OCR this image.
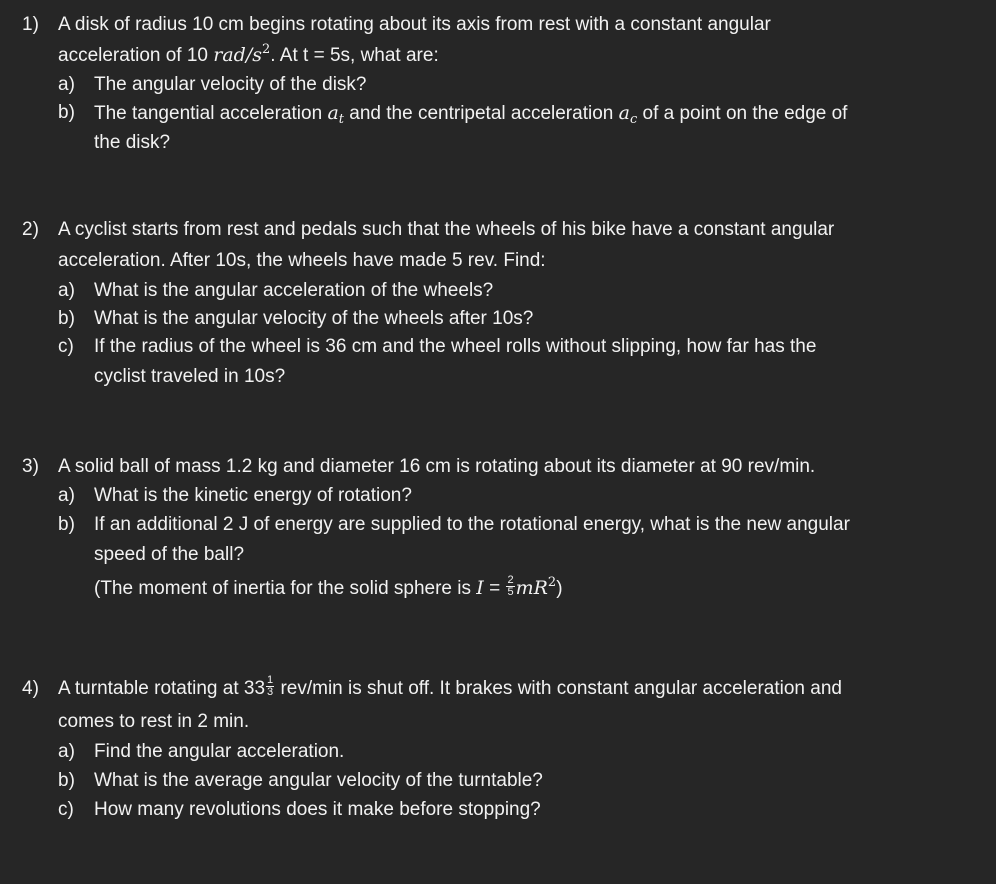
1) A disk of radius 10 cm begins rotating about its axis from rest with a constant angular
acceleration of 10 rad/$s^2$. At t = 5s, what are:
a) The angular velocity of the disk?
b) The tangential acceleration $a_t$ and the centripetal acceleration $a_c$ of a point on the edge of
the disk?
2) A cyclist starts from rest and pedals such that the wheels of his bike have a constant angular
acceleration. After 10s, the wheels have made 5 rev. Find:
a) What is the angular acceleration of the wheels?
b) What is the angular velocity of the wheels after 10s?
c) If the radius of the wheel is 36 cm and the wheel rolls without slipping, how far has the
cyclist traveled in 10s?
3) A solid ball of mass 1.2 kg and diameter 16 cm is rotating about its diameter at 90 rev/min.
a) What is the kinetic energy of rotation?
b) If an additional 2 J of energy are supplied to the rotational energy, what is the new angular
speed of the ball?
(The moment of inertia for the solid sphere is $I = \frac{2}{5} mR^2$)
4) A turntable rotating at $33 \frac{1}{3} rev/\min$ is shut off. It brakes with constant angular acceleration and
comes to rest in 2 min.
a) Find the angular acceleration.
b) What is the average angular velocity of the turntable?
c) How many revolutions does it make before stopping?
